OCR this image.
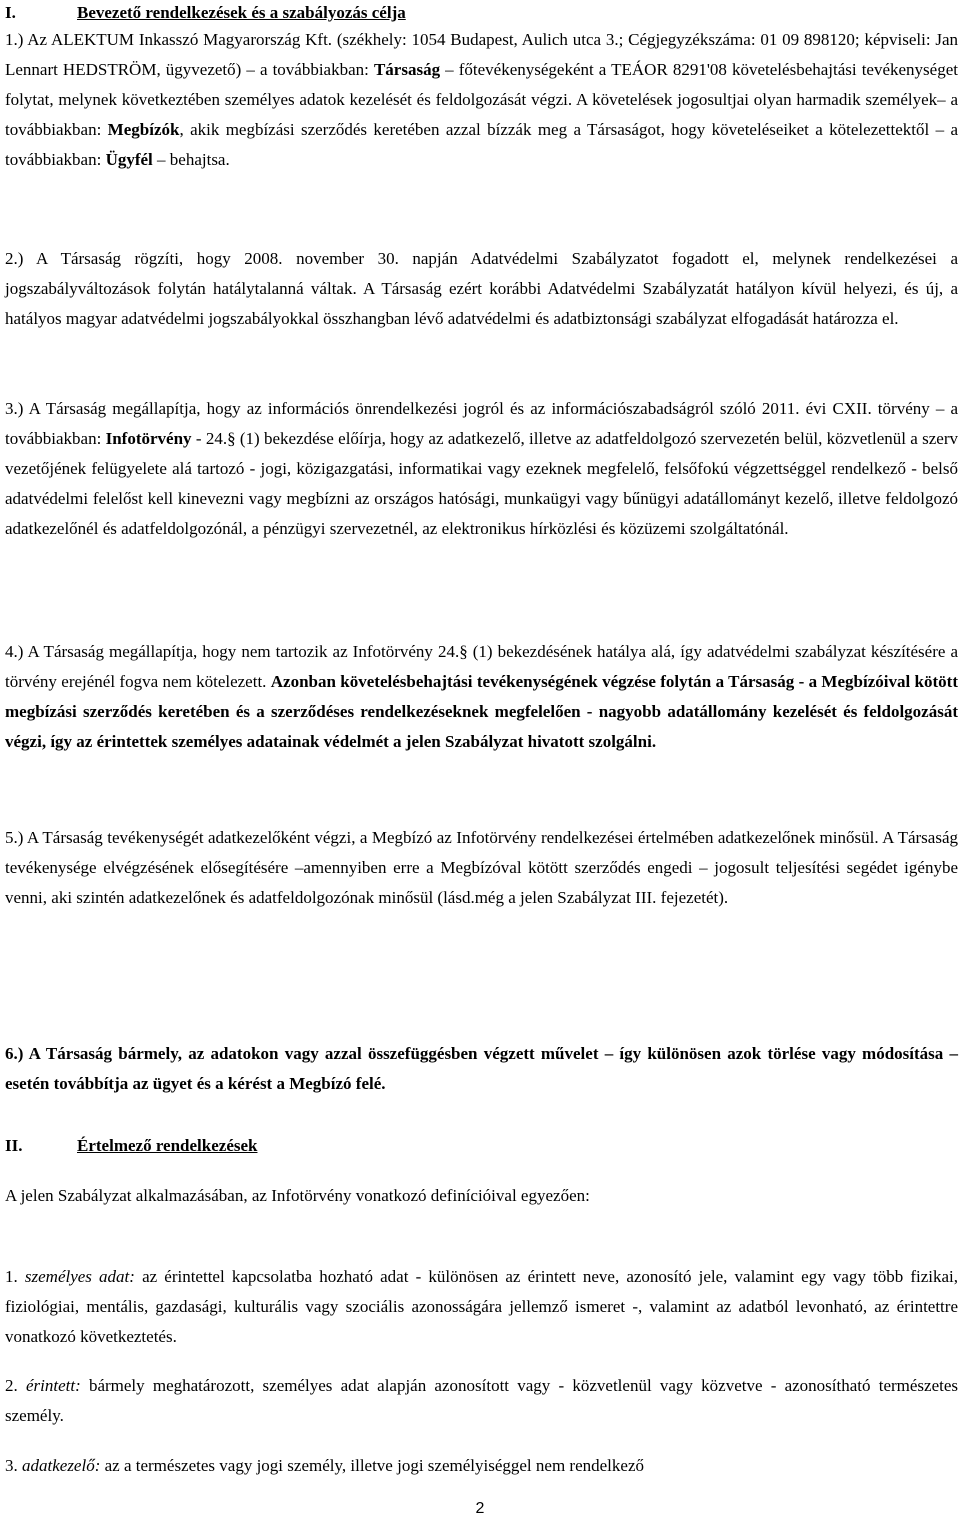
I.	Bevezető rendelkezések és a szabályozás célja

1.) Az ALEKTUM Inkasszó Magyarország Kft. (székhely: 1054 Budapest, Aulich utca 3.; Cégjegyzékszáma: 01 09 898120; képviseli: Jan Lennart HEDSTRÖM, ügyvezető) – a továbbiakban: Társaság – főtevékenységeként a TEÁOR 8291'08 követelésbehajtási tevékenységet folytat, melynek következtében személyes adatok kezelését és feldolgozását végzi. A követelések jogosultjai olyan harmadik személyek– a továbbiakban: Megbízók, akik megbízási szerződés keretében azzal bízzák meg a Társaságot, hogy követeléseiket a kötelezettektől – a továbbiakban: Ügyfél – behajtsa.

2.) A Társaság rögzíti, hogy 2008. november 30. napján Adatvédelmi Szabályzatot fogadott el, melynek rendelkezései a jogszabályváltozások folytán hatálytalanná váltak. A Társaság ezért korábbi Adatvédelmi Szabályzatát hatályon kívül helyezi, és új, a hatályos magyar adatvédelmi jogszabályokkal összhangban lévő adatvédelmi és adatbiztonsági szabályzat elfogadását határozza el.

3.) A Társaság megállapítja, hogy az információs önrendelkezési jogról és az információszabadságról szóló 2011. évi CXII. törvény – a továbbiakban: Infotörvény - 24.§ (1) bekezdése előírja, hogy az adatkezelő, illetve az adatfeldolgozó szervezetén belül, közvetlenül a szerv vezetőjének felügyelete alá tartozó - jogi, közigazgatási, informatikai vagy ezeknek megfelelő, felsőfokú végzettséggel rendelkező - belső adatvédelmi felelőst kell kinevezni vagy megbízni az országos hatósági, munkaügyi vagy bűnügyi adatállományt kezelő, illetve feldolgozó adatkezelőnél és adatfeldolgozónál, a pénzügyi szervezetnél, az elektronikus hírközlési és közüzemi szolgáltatónál.

4.) A Társaság megállapítja, hogy nem tartozik az Infotörvény 24.§ (1) bekezdésének hatálya alá, így adatvédelmi szabályzat készítésére a törvény erejénél fogva nem kötelezett. Azonban követelésbehajtási tevékenységének végzése folytán a Társaság - a Megbízóival kötött megbízási szerződés keretében és a szerződéses rendelkezéseknek megfelelően - nagyobb adatállomány kezelését és feldolgozását végzi, így az érintettek személyes adatainak védelmét a jelen Szabályzat hivatott szolgálni.

5.) A Társaság tevékenységét adatkezelőként végzi, a Megbízó az Infotörvény rendelkezései értelmében adatkezelőnek minősül. A Társaság tevékenysége elvégzésének elősegítésére –amennyiben erre a Megbízóval kötött szerződés engedi – jogosult teljesítési segédet igénybe venni, aki szintén adatkezelőnek és adatfeldolgozónak minősül (lásd.még a jelen Szabályzat III. fejezetét).

6.) A Társaság bármely, az adatokon vagy azzal összefüggésben végzett művelet – így különösen azok törlése vagy módosítása – esetén továbbítja az ügyet és a kérést a Megbízó felé.

II.	Értelmező rendelkezések

A jelen Szabályzat alkalmazásában, az Infotörvény vonatkozó definícióival egyezően:

1. személyes adat: az érintettel kapcsolatba hozható adat - különösen az érintett neve, azonosító jele, valamint egy vagy több fizikai, fiziológiai, mentális, gazdasági, kulturális vagy szociális azonosságára jellemző ismeret -, valamint az adatból levonható, az érintettre vonatkozó következtetés.

2. érintett: bármely meghatározott, személyes adat alapján azonosított vagy - közvetlenül vagy közvetve - azonosítható természetes személy.

3. adatkezelő: az a természetes vagy jogi személy, illetve jogi személyiséggel nem rendelkező

2
